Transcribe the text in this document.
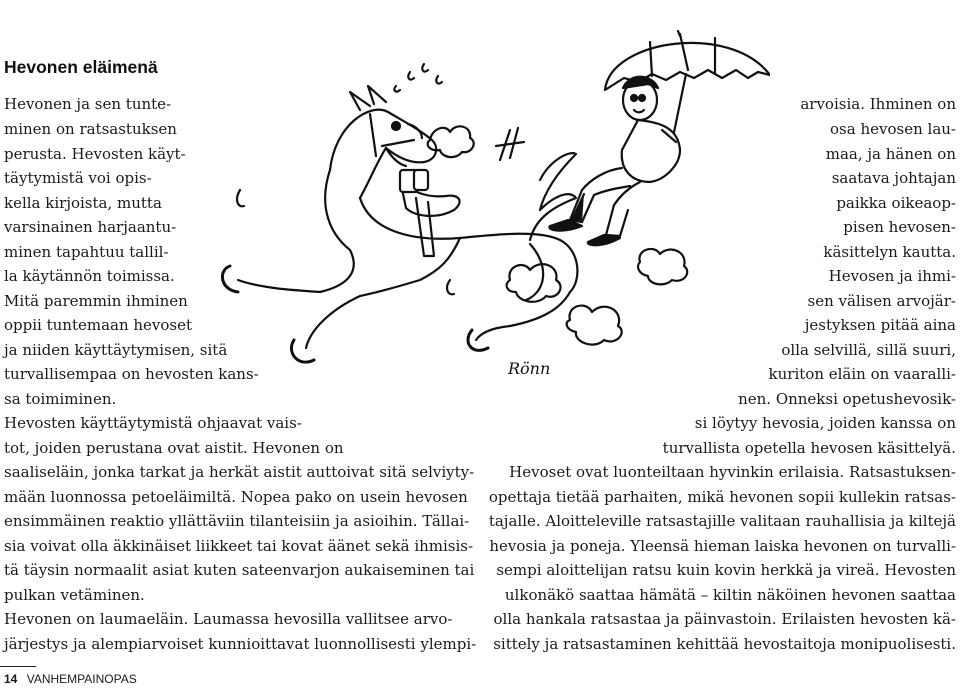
Hevonen eläimenä
Hevonen ja sen tunte-
minen on ratsastuksen
perusta. Hevosten käyt-
täytymistä voi opis-
kella kirjoista, mutta
varsinainen harjaantu-
minen tapahtuu tallil-
la käytännön toimissa.
Mitä paremmin ihminen
oppii tuntemaan hevoset
ja niiden käyttäytymisen, sitä
turvallisempaa on hevosten kans-
sa toimiminen.
Hevosten käyttäytymistä ohjaavat vais-
tot, joiden perustana ovat aistit. Hevonen on
saaliseläin, jonka tarkat ja herkät aistit auttoivat sitä selviyty-
mään luonnossa petoeläimiltä. Nopea pako on usein hevosen
ensimmäinen reaktio yllättäviin tilanteisiin ja asioihin. Tällai-
sia voivat olla äkkinäiset liikkeet tai kovat äänet sekä ihmisis-
tä täysin normaalit asiat kuten sateenvarjon aukaiseminen tai
pulkan vetäminen.
Hevonen on laumaeläin. Laumassa hevosilla vallitsee arvo-
järjestys ja alempiarvoiset kunnioittavat luonnollisesti ylempi-
arvoisia. Ihminen on
osa hevosen lau-
maa, ja hänen on
saatava johtajan
paikka oikeaop-
pisen hevosen-
käsittelyn kautta.
Hevosen ja ihmi-
sen välisen arvojär-
jestyksen pitää aina
olla selvillä, sillä suuri,
kuriton eläin on vaaralli-
nen. Onneksi opetushevosik-
si löytyy hevosia, joiden kanssa on
turvallista opetella hevosen käsittelyä.
Hevoset ovat luonteiltaan hyvinkin erilaisia. Ratsastuksen-
opettaja tietää parhaiten, mikä hevonen sopii kullekin ratsas-
tajalle. Aloitteleville ratsastajille valitaan rauhallisia ja kiltejä
hevosia ja poneja. Yleensä hieman laiska hevonen on turvalli-
sempi aloittelijan ratsu kuin kovin herkkä ja vireä. Hevosten
ulkonäkö saattaa hämätä – kiltin näköinen hevonen saattaa
olla hankala ratsastaa ja päinvastoin. Erilaisten hevosten kä-
sittely ja ratsastaminen kehittää hevostaitoja monipuolisesti.
Rönn
14 VANHEMPAINOPAS
